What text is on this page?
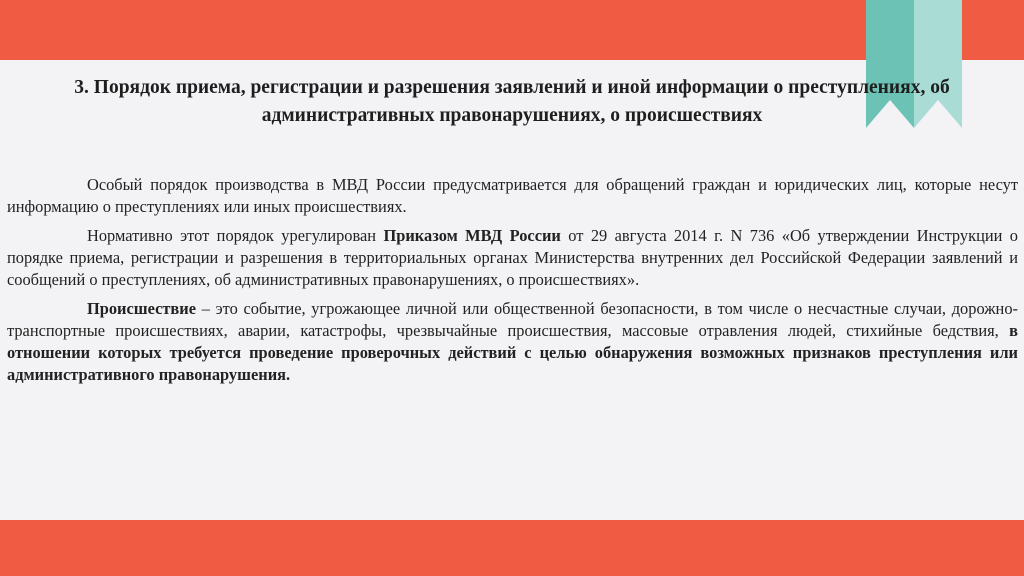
3. Порядок приема, регистрации и разрешения заявлений и иной информации о преступлениях, об административных правонарушениях, о происшествиях

Особый порядок производства в МВД России предусматривается для обращений граждан и юридических лиц, которые несут информацию о преступлениях или иных происшествиях.

Нормативно этот порядок урегулирован Приказом МВД России от 29 августа 2014 г. N 736 «Об утверждении Инструкции о порядке приема, регистрации и разрешения в территориальных органах Министерства внутренних дел Российской Федерации заявлений и сообщений о преступлениях, об административных правонарушениях, о происшествиях».

Происшествие – это событие, угрожающее личной или общественной безопасности, в том числе о несчастные случаи, дорожно-транспортные происшествиях, аварии, катастрофы, чрезвычайные происшествия, массовые отравления людей, стихийные бедствия, в отношении которых требуется проведение проверочных действий с целью обнаружения возможных признаков преступления или административного правонарушения.
